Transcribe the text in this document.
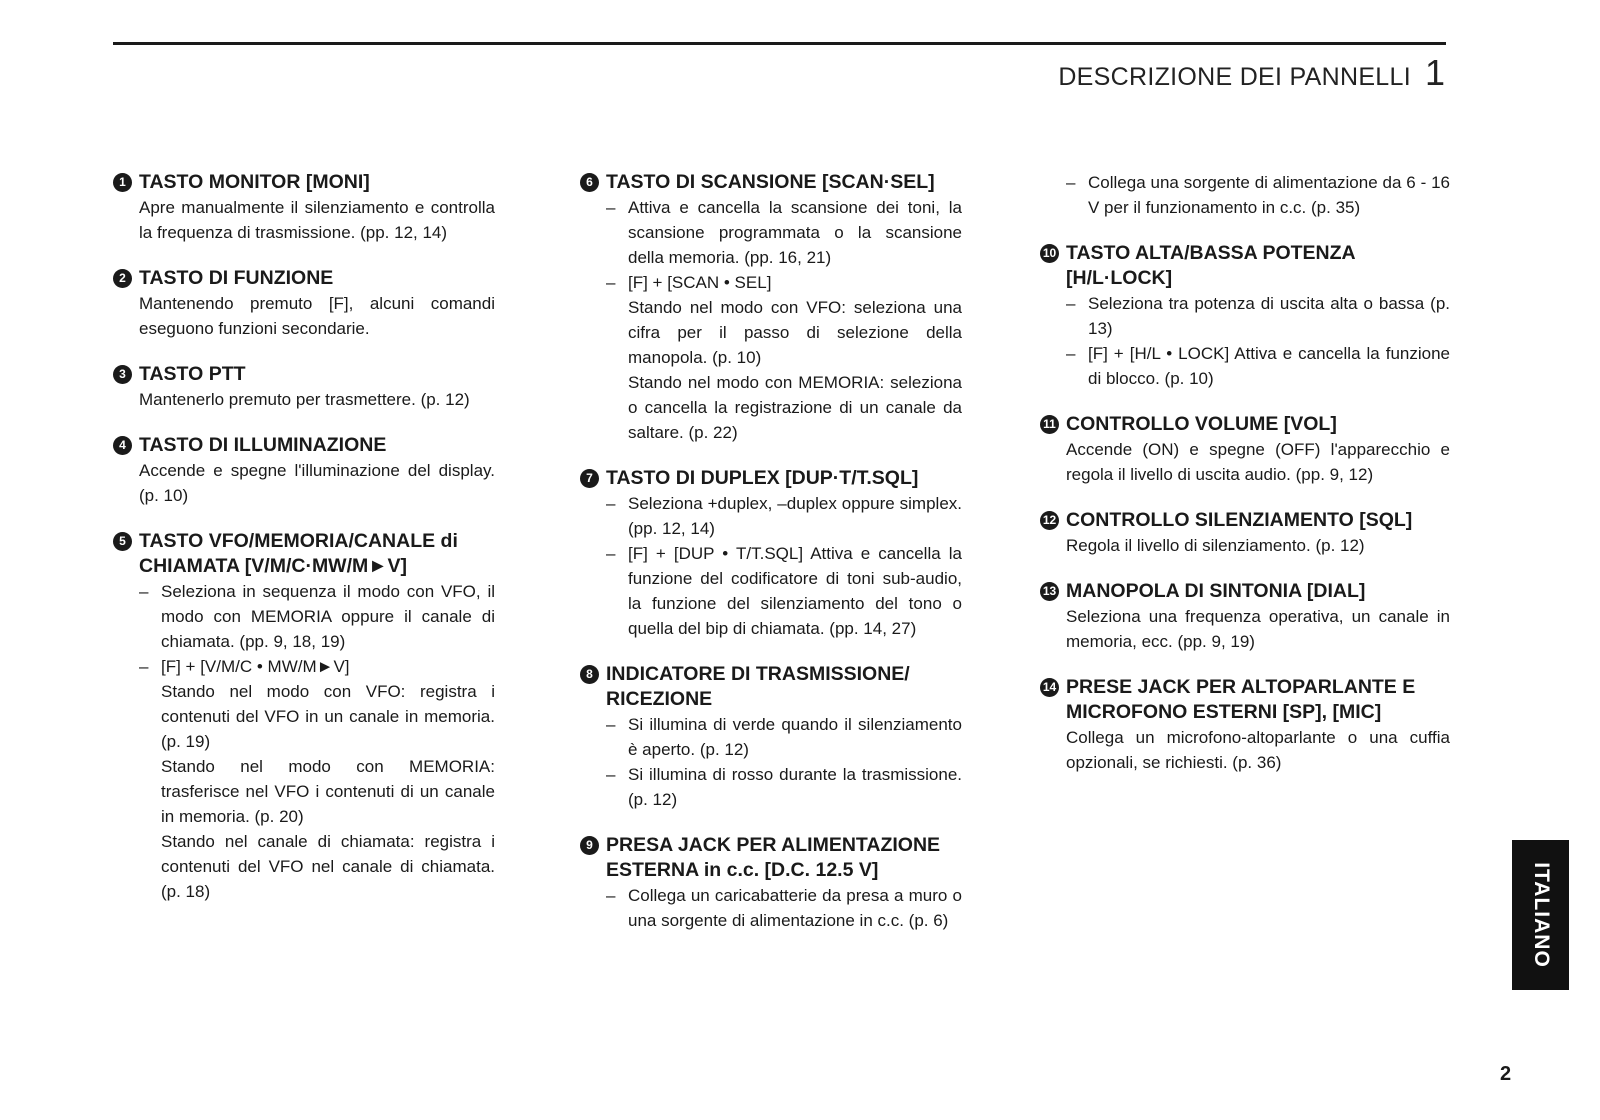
DESCRIZIONE DEI PANNELLI 1
1 TASTO MONITOR [MONI]

Apre manualmente il silenziamento e controlla la frequenza di trasmissione. (pp. 12, 14)

2 TASTO DI FUNZIONE

Mantenendo premuto [F], alcuni comandi eseguono funzioni secondarie.

3 TASTO PTT

Mantenerlo premuto per trasmettere. (p. 12)

4 TASTO DI ILLUMINAZIONE

Accende e spegne l'illuminazione del display. (p. 10)

5 TASTO VFO/MEMORIA/CANALE di
CHIAMATA [V/M/C·MW/M►V]
– Seleziona in sequenza il modo con VFO, il modo con MEMORIA oppure il canale di chiamata. (pp. 9, 18, 19)

– [F] + [V/M/C • MW/M►V]

Stando nel modo con VFO: registra i contenuti del VFO in un canale in memoria. (p. 19)

Stando nel modo con MEMORIA: trasferisce nel VFO i contenuti di un canale in memoria. (p. 20)

Stando nel canale di chiamata: registra i contenuti del VFO nel canale di chiamata. (p. 18)

6 TASTO DI SCANSIONE [SCAN·SEL]
– Attiva e cancella la scansione dei toni, la scansione programmata o la scansione della memoria. (pp. 16, 21)

– [F] + [SCAN • SEL]

Stando nel modo con VFO: seleziona una cifra per il passo di selezione della manopola. (p. 10)

Stando nel modo con MEMORIA: seleziona o cancella la registrazione di un canale da saltare. (p. 22)

7 TASTO DI DUPLEX [DUP·T/T.SQL]
– Seleziona +duplex, –duplex oppure simplex. (pp. 12, 14)

– [F] + [DUP • T/T.SQL] Attiva e cancella la funzione del codificatore di toni sub-audio, la funzione del silenziamento del tono o quella del bip di chiamata. (pp. 14, 27)

8 INDICATORE DI TRASMISSIONE/
RICEZIONE
– Si illumina di verde quando il silenziamento è aperto. (p. 12)

– Si illumina di rosso durante la trasmissione. (p. 12)

9 PRESA JACK PER ALIMENTAZIONE
ESTERNA in c.c. [D.C. 12.5 V]
– Collega un caricabatterie da presa a muro o una sorgente di alimentazione in c.c. (p. 6)

– Collega una sorgente di alimentazione da 6 - 16 V per il funzionamento in c.c. (p. 35)

10 TASTO ALTA/BASSA POTENZA
[H/L·LOCK]
– Seleziona tra potenza di uscita alta o bassa (p. 13)

– [F] + [H/L • LOCK] Attiva e cancella la funzione di blocco. (p. 10)

11 CONTROLLO VOLUME [VOL]

Accende (ON) e spegne (OFF) l'apparecchio e regola il livello di uscita audio. (pp. 9, 12)

12 CONTROLLO SILENZIAMENTO [SQL]

Regola il livello di silenziamento. (p. 12)

13 MANOPOLA DI SINTONIA [DIAL]

Seleziona una frequenza operativa, un canale in memoria, ecc. (pp. 9, 19)

14 PRESE JACK PER ALTOPARLANTE E
MICROFONO ESTERNI [SP], [MIC]

Collega un microfono-altoparlante o una cuffia opzionali, se richiesti. (p. 36)

ITALIANO
2
